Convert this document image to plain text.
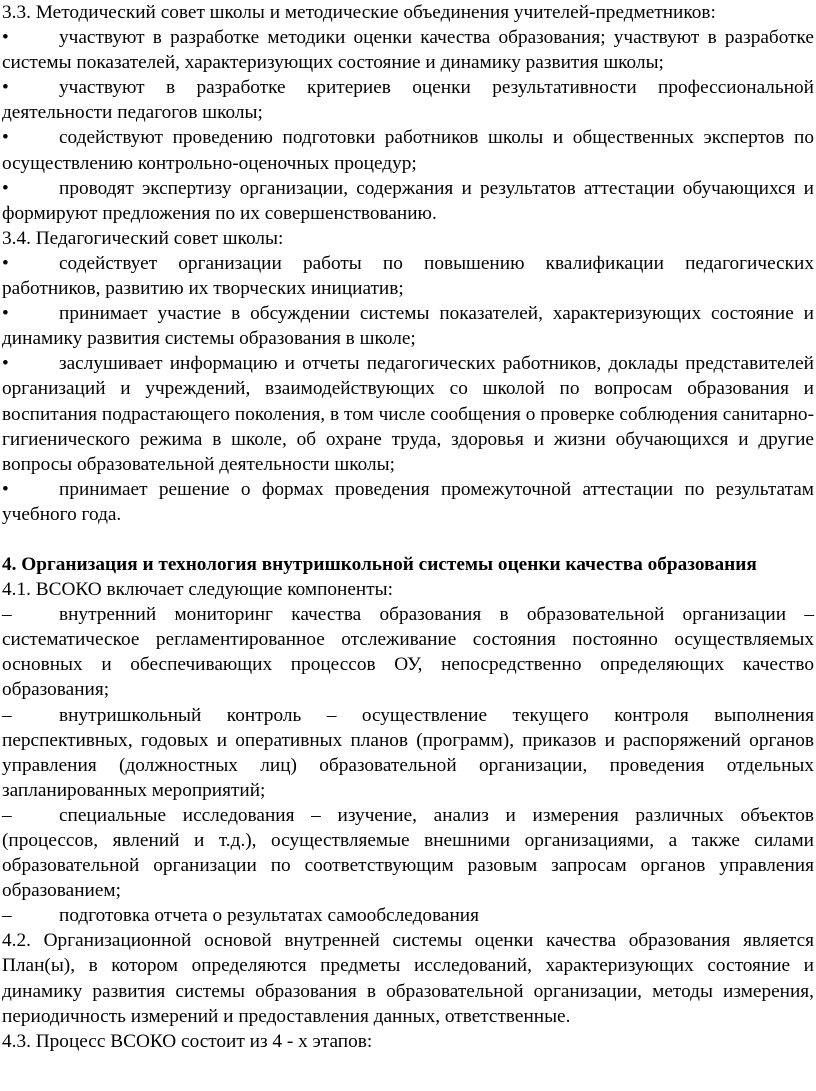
3.3. Методический совет школы и методические объединения учителей-предметников:

•	участвуют в разработке методики оценки качества образования; участвуют в разработке системы показателей, характеризующих состояние и динамику развития школы;

•	участвуют в разработке критериев оценки результативности профессиональной деятельности педагогов школы;

•	содействуют проведению подготовки работников школы и общественных экспертов по осуществлению контрольно-оценочных процедур;

•	проводят экспертизу организации, содержания и результатов аттестации обучающихся и формируют предложения по их совершенствованию.

3.4. Педагогический совет школы:

•	содействует организации работы по повышению квалификации педагогических работников, развитию их творческих инициатив;

•	принимает участие в обсуждении системы показателей, характеризующих состояние и динамику развития системы образования в школе;

•	заслушивает информацию и отчеты педагогических работников, доклады представителей организаций и учреждений, взаимодействующих со школой по вопросам образования и воспитания подрастающего поколения, в том числе сообщения о проверке соблюдения санитарно-гигиенического режима в школе, об охране труда, здоровья и жизни обучающихся и другие вопросы образовательной деятельности школы;

•	принимает решение о формах проведения промежуточной аттестации по результатам учебного года.

4. Организация и технология внутришкольной системы оценки качества образования

4.1. ВСОКО включает следующие компоненты:

– внутренний мониторинг качества образования в образовательной организации – систематическое регламентированное отслеживание состояния постоянно осуществляемых основных и обеспечивающих процессов ОУ, непосредственно определяющих качество образования;

– внутришкольный контроль – осуществление текущего контроля выполнения перспективных, годовых и оперативных планов (программ), приказов и распоряжений органов управления (должностных лиц) образовательной организации, проведения отдельных запланированных мероприятий;

– специальные исследования – изучение, анализ и измерения различных объектов (процессов, явлений и т.д.), осуществляемые внешними организациями, а также силами образовательной организации по соответствующим разовым запросам органов управления образованием;

– подготовка отчета о результатах самообследования

4.2. Организационной основой внутренней системы оценки качества образования является План(ы), в котором определяются предметы исследований, характеризующих состояние и динамику развития системы образования в образовательной организации, методы измерения, периодичность измерений и предоставления данных, ответственные.

4.3. Процесс ВСОКО состоит из 4 - х этапов:
